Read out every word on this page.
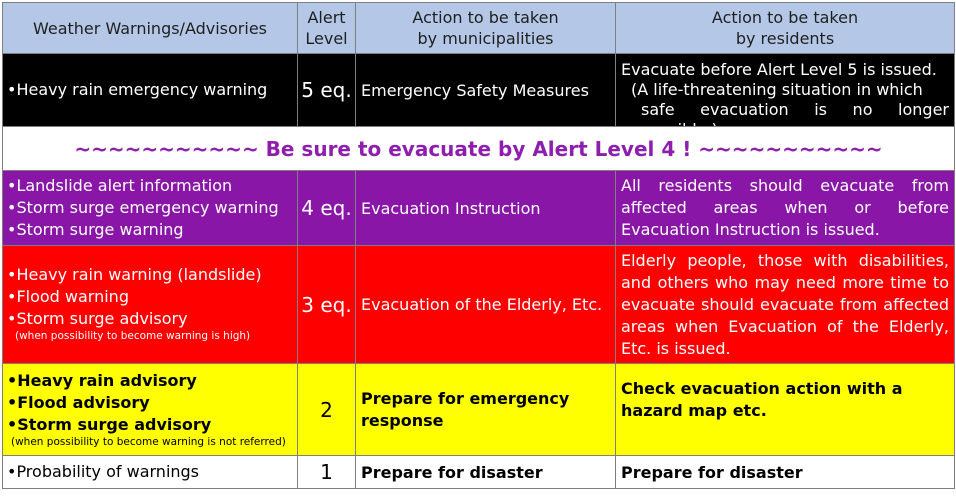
Weather Warnings/Advisories
Alert
Level
Action to be taken
by municipalities
Action to be taken
by residents
•Heavy rain emergency warning 5 eq. Emergency Safety Measures
Evacuate before Alert Level 5 is issued.
(A life-threatening situation in which
safe evacuation is no longer
~~~~~~~~~~~ Be sure to evacuate by Alert Level 4 ! ~~~~~~~~~~~
•Landslide alert information
•Storm surge emergency warning
•Storm surge warning
4 eq. Evacuation Instruction
All residents should evacuate from affected areas when or before Evacuation Instruction is issued.
•Heavy rain warning (landslide)
•Flood warning
•Storm surge advisory
(when possibility to become warning is high)
3 eq. Evacuation of the Elderly, Etc.
Elderly people, those with disabilities, and others who may need more time to evacuate should evacuate from affected areas when Evacuation of the Elderly, Etc. is issued.
•Heavy rain advisory
•Flood advisory
•Storm surge advisory
(when possibility to become warning is not referred)
2 Prepare for emergency response
Check evacuation action with a hazard map etc.
•Probability of warnings	1 Prepare for disaster	Prepare for disaster
